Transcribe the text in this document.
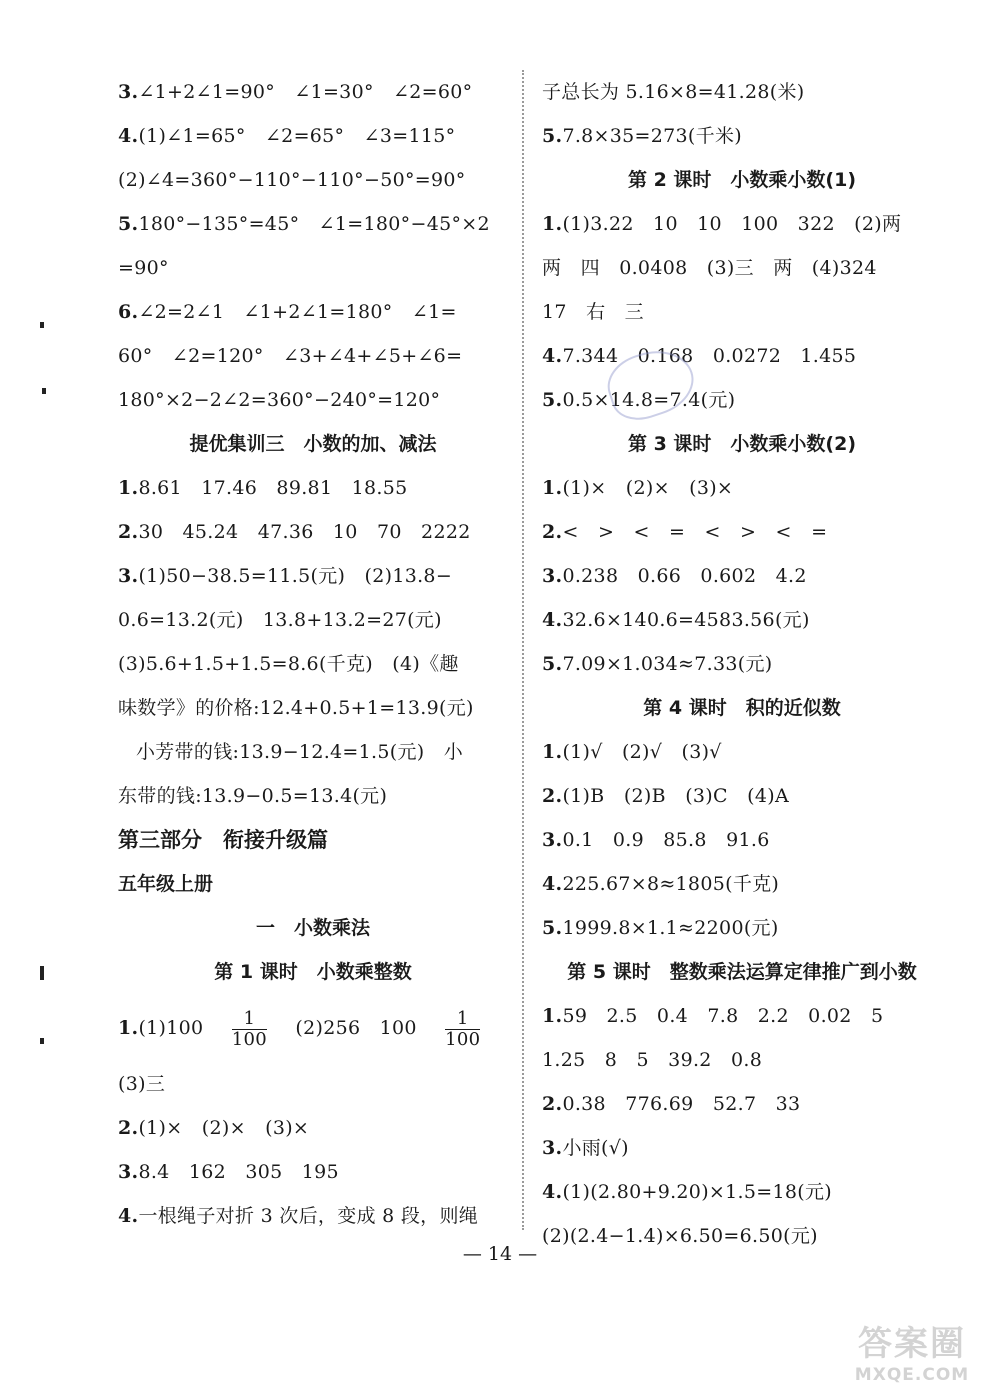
3.∠1+2∠1=90°　∠1=30°　∠2=60°
4.(1)∠1=65°　∠2=65°　∠3=115°
(2)∠4=360°−110°−110°−50°=90°
5.180°−135°=45°　∠1=180°−45°×2
=90°
6.∠2=2∠1　∠1+2∠1=180°　∠1=
60°　∠2=120°　∠3+∠4+∠5+∠6=
180°×2−2∠2=360°−240°=120°
提优集训三　小数的加、减法
1.8.61　17.46　89.81　18.55
2.30　45.24　47.36　10　70　2222
3.(1)50−38.5=11.5(元)　(2)13.8−
0.6=13.2(元)　13.8+13.2=27(元)
(3)5.6+1.5+1.5=8.6(千克)　(4)《趣
味数学》的价格:12.4+0.5+1=13.9(元)
小芳带的钱:13.9−12.4=1.5(元)　小
东带的钱:13.9−0.5=13.4(元)
第三部分　衔接升级篇
五年级上册
一　小数乘法
第 1 课时　小数乘整数
$1.(1)100 \frac{1}{100} (2)256$　$100 \frac{1}{100}$
(3)三
2.(1)×　(2)×　(3)×
3.8.4　162　305　195
4.一根绳子对折 3 次后，变成 8 段，则绳
子总长为 5.16×8=41.28(米)
5.7.8×35=273(千米)
第 2 课时　小数乘小数(1)
1.(1)3.22　10　10　100　322　(2)两
两　四　0.0408　(3)三　两　(4)324
17　右　三
4.7.344　0.168　0.0272　1.455
5.0.5×14.8=7.4(元)
第 3 课时　小数乘小数(2)
1.(1)×　(2)×　(3)×
2.<　>　<　=　<　>　<　=
3.0.238　0.66　0.602　4.2
4.32.6×140.6=4583.56(元)
5.7.09×1.034≈7.33(元)
第 4 课时　积的近似数
1.(1)√　(2)√　(3)√
2.(1)B　(2)B　(3)C　(4)A
3.0.1　0.9　85.8　91.6
4.225.67×8≈1805(千克)
5.1999.8×1.1≈2200(元)
第 5 课时　整数乘法运算定律推广到小数
1.59　2.5　0.4　7.8　2.2　0.02　5
1.25　8　5　39.2　0.8
2.0.38　776.69　52.7　33
3.小雨(√)
4.(1)(2.80+9.20)×1.5=18(元)
(2)(2.4−1.4)×6.50=6.50(元)
— 14 —
答案圈
MXQE.COM
